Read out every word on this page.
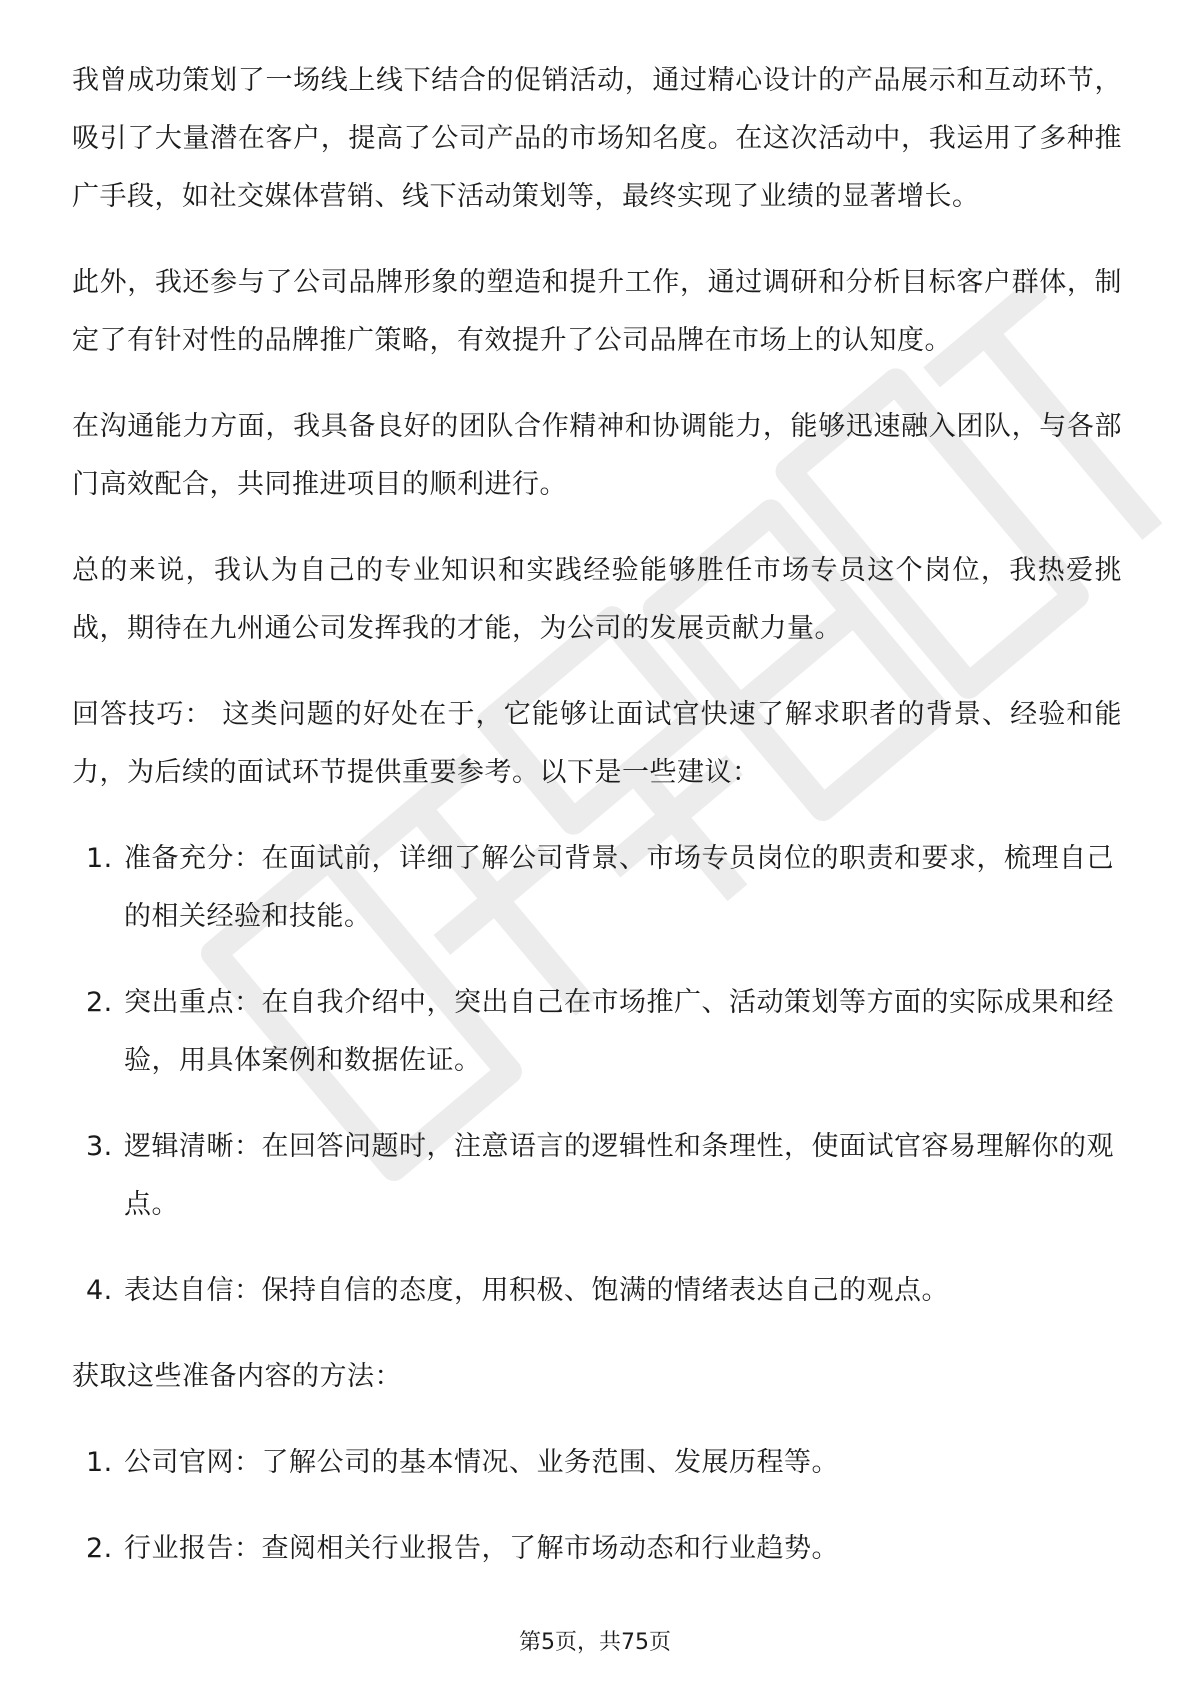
我曾成功策划了一场线上线下结合的促销活动，通过精心设计的产品展示和互动环节，吸引了大量潜在客户，提高了公司产品的市场知名度。在这次活动中，我运用了多种推广手段，如社交媒体营销、线下活动策划等，最终实现了业绩的显著增长。

此外，我还参与了公司品牌形象的塑造和提升工作，通过调研和分析目标客户群体，制定了有针对性的品牌推广策略，有效提升了公司品牌在市场上的认知度。

在沟通能力方面，我具备良好的团队合作精神和协调能力，能够迅速融入团队，与各部门高效配合，共同推进项目的顺利进行。

总的来说，我认为自己的专业知识和实践经验能够胜任市场专员这个岗位，我热爱挑战，期待在九州通公司发挥我的才能，为公司的发展贡献力量。

回答技巧： 这类问题的好处在于，它能够让面试官快速了解求职者的背景、经验和能力，为后续的面试环节提供重要参考。以下是一些建议：

1. 准备充分：在面试前，详细了解公司背景、市场专员岗位的职责和要求，梳理自己的相关经验和技能。
2. 突出重点：在自我介绍中，突出自己在市场推广、活动策划等方面的实际成果和经验，用具体案例和数据佐证。
3. 逻辑清晰：在回答问题时，注意语言的逻辑性和条理性，使面试官容易理解你的观点。
4. 表达自信：保持自信的态度，用积极、饱满的情绪表达自己的观点。

获取这些准备内容的方法：

1. 公司官网：了解公司的基本情况、业务范围、发展历程等。
2. 行业报告：查阅相关行业报告，了解市场动态和行业趋势。
第5页，共75页
